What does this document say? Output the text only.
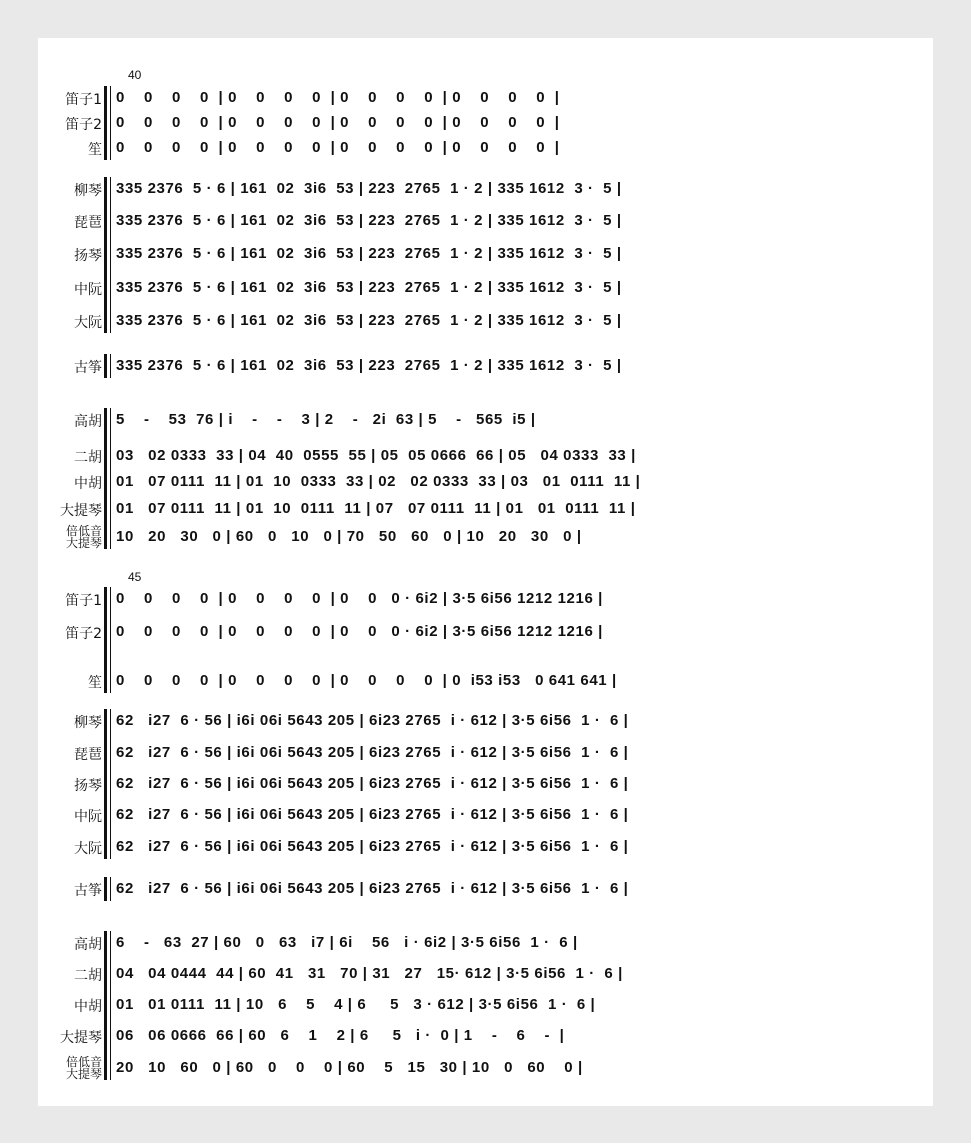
40
笛子1 0    0    0    0  | 0    0    0    0  | 0    0    0    0  | 0    0    0    0  |
笛子2 0    0    0    0  | 0    0    0    0  | 0    0    0    0  | 0    0    0    0  |
笙 0    0    0    0  | 0    0    0    0  | 0    0    0    0  | 0    0    0    0  |
柳琴 335 2376  5 · 6 | 161  02  3i6  53 | 223  2765  1 · 2 | 335 1612  3 ·  5 |
琵琶 335 2376  5 · 6 | 161  02  3i6  53 | 223  2765  1 · 2 | 335 1612  3 ·  5 |
扬琴 335 2376  5 · 6 | 161  02  3i6  53 | 223  2765  1 · 2 | 335 1612  3 ·  5 |
中阮 335 2376  5 · 6 | 161  02  3i6  53 | 223  2765  1 · 2 | 335 1612  3 ·  5 |
大阮 335 2376  5 · 6 | 161  02  3i6  53 | 223  2765  1 · 2 | 335 1612  3 ·  5 |
古筝 335 2376  5 · 6 | 161  02  3i6  53 | 223  2765  1 · 2 | 335 1612  3 ·  5 |
高胡 5    -    53  76 | i    -    -    3 | 2    -   2i  63 | 5    -   565  i5 |
二胡 03   02 0333  33 | 04  40  0555  55 | 05  05 0666  66 | 05   04 0333  33 |
中胡 01   07 0111  11 | 01  10  0333  33 | 02   02 0333  33 | 03   01  0111  11 |
大提琴 01   07 0111  11 | 01  10  0111  11 | 07   07 0111  11 | 01   01  0111  11 |
倍低音
大提琴 10   20   30   0 | 60   0   10   0 | 70   50   60   0 | 10   20   30   0 |
45
笛子1 0    0    0    0  | 0    0    0    0  | 0    0   0 · 6i2 | 3·5 6i56 1212 1216 |
笛子2 0    0    0    0  | 0    0    0    0  | 0    0   0 · 6i2 | 3·5 6i56 1212 1216 |
笙 0    0    0    0  | 0    0    0    0  | 0    0    0    0  | 0  i53 i53   0 641 641 |
柳琴 62   i27  6 · 56 | i6i 06i 5643 205 | 6i23 2765  i · 612 | 3·5 6i56  1 ·  6 |
琵琶 62   i27  6 · 56 | i6i 06i 5643 205 | 6i23 2765  i · 612 | 3·5 6i56  1 ·  6 |
扬琴 62   i27  6 · 56 | i6i 06i 5643 205 | 6i23 2765  i · 612 | 3·5 6i56  1 ·  6 |
中阮 62   i27  6 · 56 | i6i 06i 5643 205 | 6i23 2765  i · 612 | 3·5 6i56  1 ·  6 |
大阮 62   i27  6 · 56 | i6i 06i 5643 205 | 6i23 2765  i · 612 | 3·5 6i56  1 ·  6 |
古筝 62   i27  6 · 56 | i6i 06i 5643 205 | 6i23 2765  i · 612 | 3·5 6i56  1 ·  6 |
高胡 6    -   63  27 | 60   0   63   i7 | 6i    56   i · 6i2 | 3·5 6i56  1 ·  6 |
二胡 04   04 0444  44 | 60  41   31   70 | 31   27   15· 612 | 3·5 6i56  1 ·  6 |
中胡 01   01 0111  11 | 10   6    5    4 | 6     5   3 · 612 | 3·5 6i56  1 ·  6 |
大提琴 06   06 0666  66 | 60   6    1    2 | 6     5   i ·  0 | 1    -    6    -  |
倍低音
大提琴 20   10   60   0 | 60   0    0    0 | 60    5   15   30 | 10   0   60    0 |
